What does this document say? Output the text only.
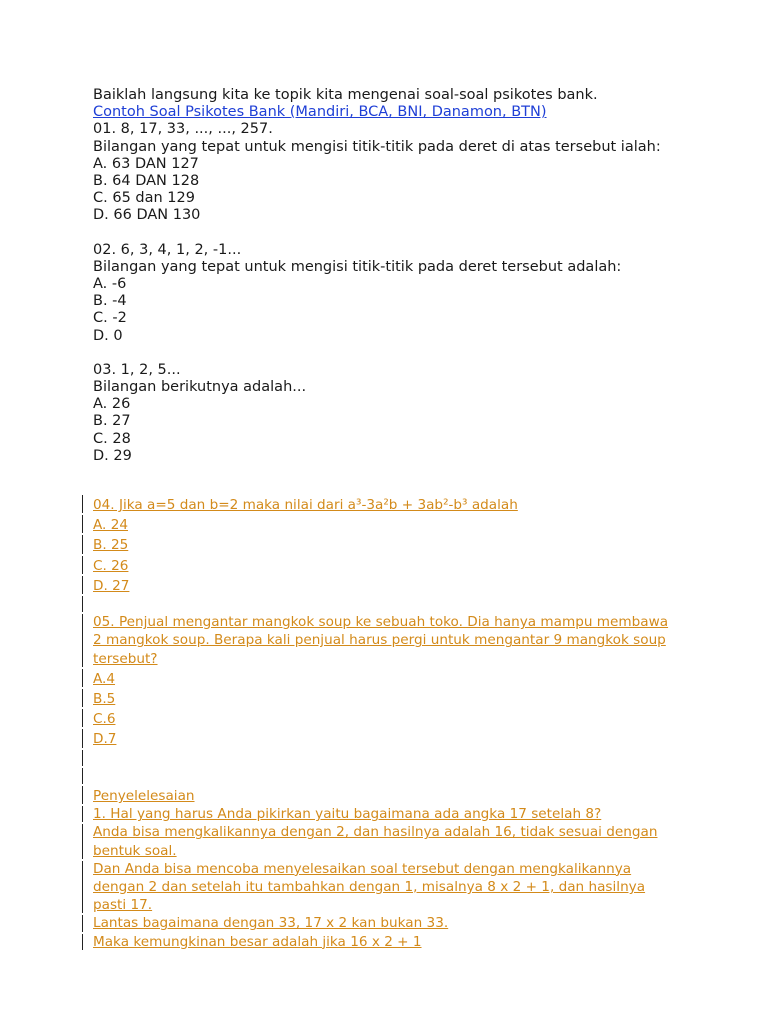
Baiklah langsung kita ke topik kita mengenai soal-soal psikotes bank.

Contoh Soal Psikotes Bank (Mandiri, BCA, BNI, Danamon, BTN)

01. 8, 17, 33, ..., ..., 257.

Bilangan yang tepat untuk mengisi titik-titik pada deret di atas tersebut ialah:

A. 63 DAN 127

B. 64 DAN 128

C. 65 dan 129

D. 66 DAN 130

02. 6, 3, 4, 1, 2, -1...

Bilangan yang tepat untuk mengisi titik-titik pada deret tersebut adalah:

A. -6

B. -4

C. -2

D. 0

03. 1, 2, 5...

Bilangan berikutnya adalah...

A. 26

B. 27

C. 28

D. 29

04. Jika a=5 dan b=2 maka nilai dari a³-3a²b + 3ab²-b³ adalah
A. 24
B. 25
C. 26
D. 27
05. Penjual mengantar mangkok soup ke sebuah toko. Dia hanya mampu membawa 2 mangkok soup. Berapa kali penjual harus pergi untuk mengantar 9 mangkok soup tersebut?
A.4
B.5
C.6
D.7
Penyelelesaian
1. Hal yang harus Anda pikirkan yaitu bagaimana ada angka 17 setelah 8?
Anda bisa mengkalikannya dengan 2, dan hasilnya adalah 16, tidak sesuai dengan bentuk soal.
Dan Anda bisa mencoba menyelesaikan soal tersebut dengan mengkalikannya dengan 2 dan setelah itu tambahkan dengan 1, misalnya 8 x 2 + 1, dan hasilnya pasti 17.
Lantas bagaimana dengan 33, 17 x 2 kan bukan 33.
Maka kemungkinan besar adalah jika 16 x 2 + 1
